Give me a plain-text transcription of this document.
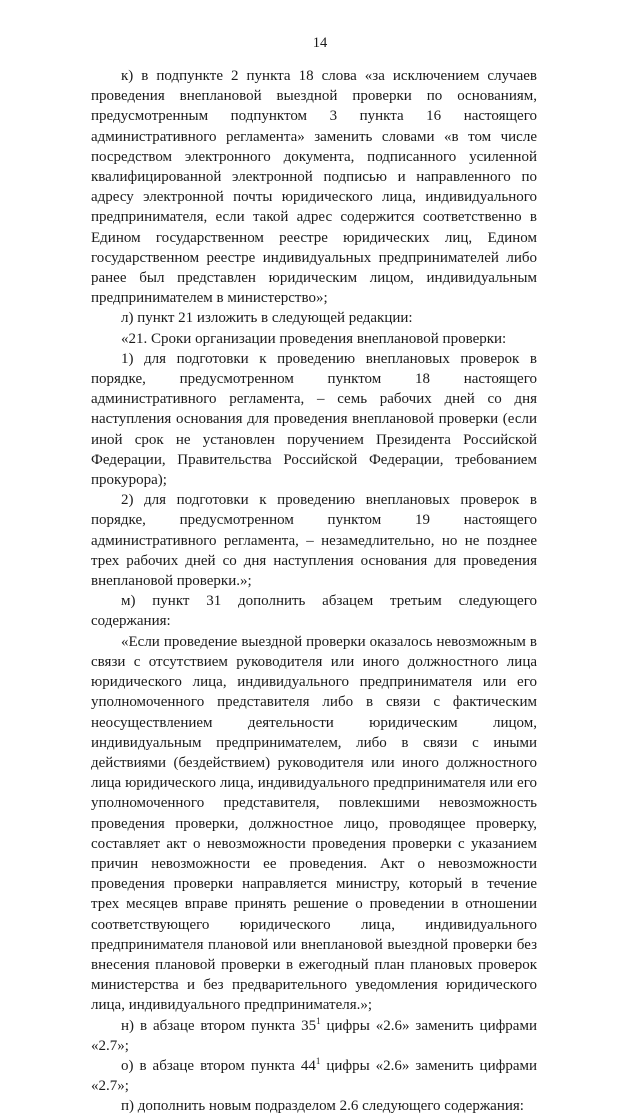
14

к) в подпункте 2 пункта 18 слова «за исключением случаев проведения внеплановой выездной проверки по основаниям, предусмотренным подпунктом 3 пункта 16 настоящего административного регламента» заменить словами «в том числе посредством электронного документа, подписанного усиленной квалифицированной электронной подписью и направленного по адресу электронной почты юридического лица, индивидуального предпринимателя, если такой адрес содержится соответственно в Едином государственном реестре юридических лиц, Едином государственном реестре индивидуальных предпринимателей либо ранее был представлен юридическим лицом, индивидуальным предпринимателем в министерство»;

л) пункт 21 изложить в следующей редакции:

«21. Сроки организации проведения внеплановой проверки:

1) для подготовки к проведению внеплановых проверок в порядке, предусмотренном пунктом 18 настоящего административного регламента, – семь рабочих дней со дня наступления основания для проведения внеплановой проверки (если иной срок не установлен поручением Президента Российской Федерации, Правительства Российской Федерации, требованием прокурора);

2) для подготовки к проведению внеплановых проверок в порядке, предусмотренном пунктом 19 настоящего административного регламента, – незамедлительно, но не позднее трех рабочих дней со дня наступления основания для проведения внеплановой проверки.»;

м) пункт 31 дополнить абзацем третьим следующего содержания:

«Если проведение выездной проверки оказалось невозможным в связи с отсутствием руководителя или иного должностного лица юридического лица, индивидуального предпринимателя или его уполномоченного представителя либо в связи с фактическим неосуществлением деятельности юридическим лицом, индивидуальным предпринимателем, либо в связи с иными действиями (бездействием) руководителя или иного должностного лица юридического лица, индивидуального предпринимателя или его уполномоченного представителя, повлекшими невозможность проведения проверки, должностное лицо, проводящее проверку, составляет акт о невозможности проведения проверки с указанием причин невозможности ее проведения. Акт о невозможности проведения проверки направляется министру, который в течение трех месяцев вправе принять решение о проведении в отношении соответствующего юридического лица, индивидуального предпринимателя плановой или внеплановой выездной проверки без внесения плановой проверки в ежегодный план плановых проверок министерства и без предварительного уведомления юридического лица, индивидуального предпринимателя.»;

н) в абзаце втором пункта $35^1$ цифры «2.6» заменить цифрами «2.7»;

о) в абзаце втором пункта $44^1$ цифры «2.6» заменить цифрами «2.7»;

п) дополнить новым подразделом 2.6 следующего содержания:
